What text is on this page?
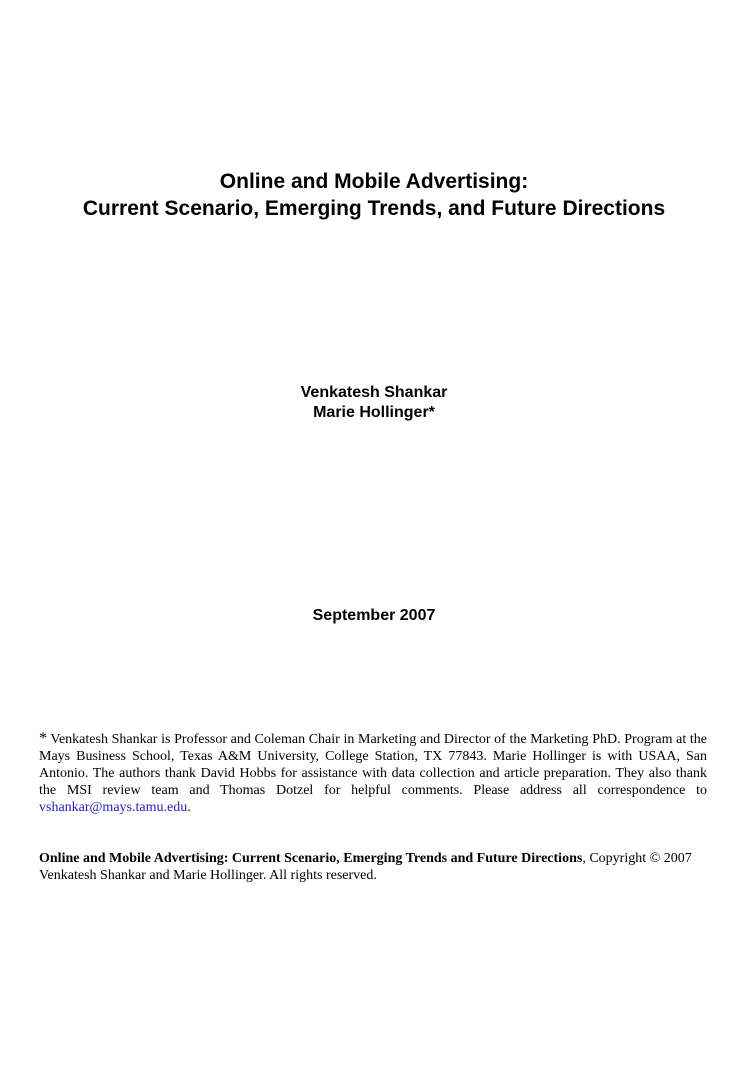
Online and Mobile Advertising:
Current Scenario, Emerging Trends, and Future Directions
Venkatesh Shankar
Marie Hollinger*
September 2007

* Venkatesh Shankar is Professor and Coleman Chair in Marketing and Director of the Marketing PhD. Program at the Mays Business School, Texas A&M University, College Station, TX 77843. Marie Hollinger is with USAA, San Antonio. The authors thank David Hobbs for assistance with data collection and article preparation. They also thank the MSI review team and Thomas Dotzel for helpful comments. Please address all correspondence to vshankar@mays.tamu.edu.

Online and Mobile Advertising: Current Scenario, Emerging Trends and Future Directions, Copyright © 2007 Venkatesh Shankar and Marie Hollinger. All rights reserved.
